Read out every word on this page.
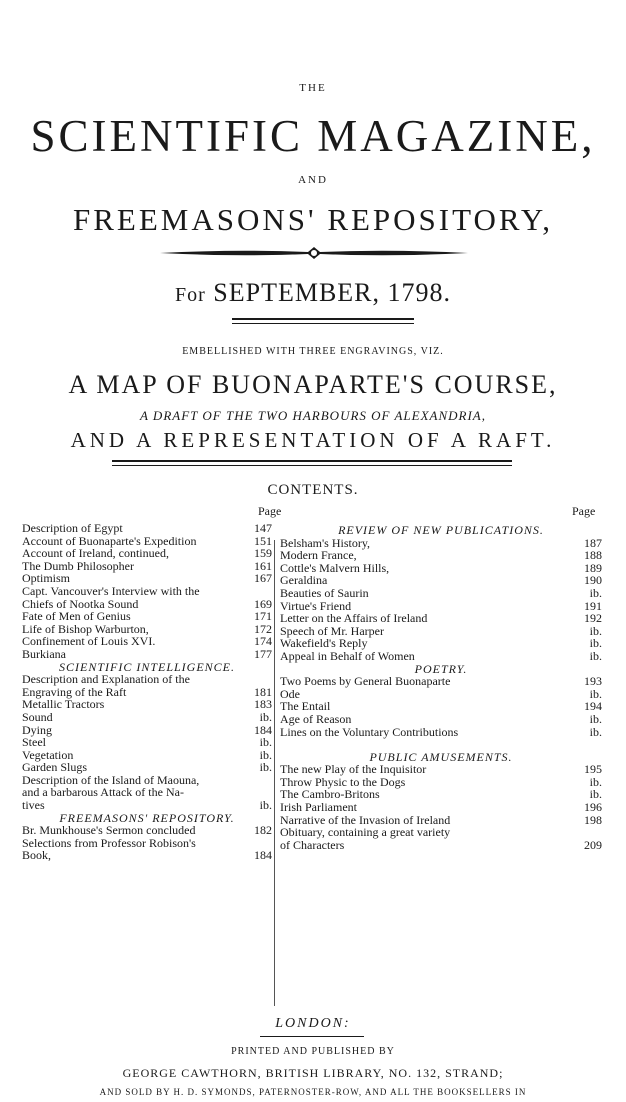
THE
SCIENTIFIC MAGAZINE,
AND
FREEMASONS' REPOSITORY,
For SEPTEMBER, 1798.
EMBELLISHED WITH THREE ENGRAVINGS, VIZ.
A MAP OF BUONAPARTE'S COURSE,
A DRAFT OF THE TWO HARBOURS OF ALEXANDRIA,
AND A REPRESENTATION OF A RAFT.
CONTENTS.
Page	Page
Description of Egypt	147
Account of Buonaparte's Expedition	151
Account of Ireland, continued,	159
The Dumb Philosopher	161
Optimism	167
Capt. Vancouver's Interview with the
Chiefs of Nootka Sound	169
Fate of Men of Genius	171
Life of Bishop Warburton,	172
Confinement of Louis XVI.	174
Burkiana	177
SCIENTIFIC INTELLIGENCE.
Description and Explanation of the
Engraving of the Raft	181
Metallic Tractors	183
Sound	ib.
Dying	184
Steel	ib.
Vegetation	ib.
Garden Slugs	ib.
Description of the Island of Maouna,
and a barbarous Attack of the Na-
tives	ib.
FREEMASONS' REPOSITORY.
Br. Munkhouse's Sermon concluded	182
Selections from Professor Robison's
Book,	184
REVIEW OF NEW PUBLICATIONS.
Belsham's History,	187
Modern France,	188
Cottle's Malvern Hills,	189
Geraldina	190
Beauties of Saurin	ib.
Virtue's Friend	191
Letter on the Affairs of Ireland	192
Speech of Mr. Harper	ib.
Wakefield's Reply	ib.
Appeal in Behalf of Women	ib.
POETRY.
Two Poems by General Buonaparte	193
Ode	ib.
The Entail	194
Age of Reason	ib.
Lines on the Voluntary Contributions	ib.
PUBLIC AMUSEMENTS.
The new Play of the Inquisitor	195
Throw Physic to the Dogs	ib.
The Cambro-Britons	ib.
Irish Parliament	196
Narrative of the Invasion of Ireland	198
Obituary, containing a great variety
of Characters	209
LONDON:
PRINTED AND PUBLISHED BY
GEORGE CAWTHORN, BRITISH LIBRARY, NO. 132, STRAND;
AND SOLD BY H. D. SYMONDS, PATERNOSTER-ROW, AND ALL THE BOOKSELLERS IN
